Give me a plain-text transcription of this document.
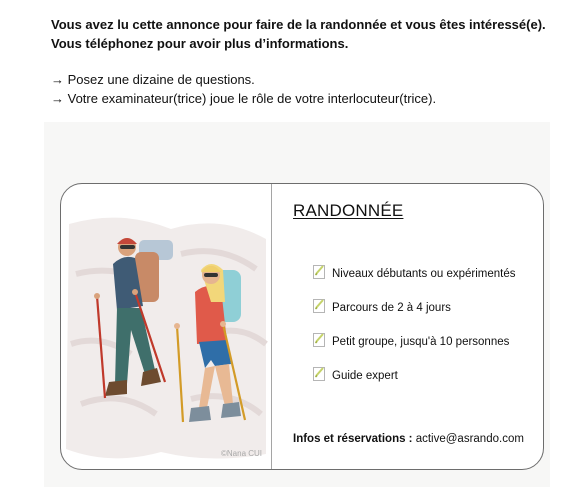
Vous avez lu cette annonce pour faire de la randonnée et vous êtes intéressé(e).
Vous téléphonez pour avoir plus d’informations.
→ Posez une dizaine de questions.
→ Votre examinateur(trice) joue le rôle de votre interlocuteur(trice).
©Nana CUI
RANDONNÉE
Niveaux débutants ou expérimentés
Parcours de 2 à 4 jours
Petit groupe, jusqu'à 10 personnes
Guide expert
Infos et réservations : active@asrando.com
